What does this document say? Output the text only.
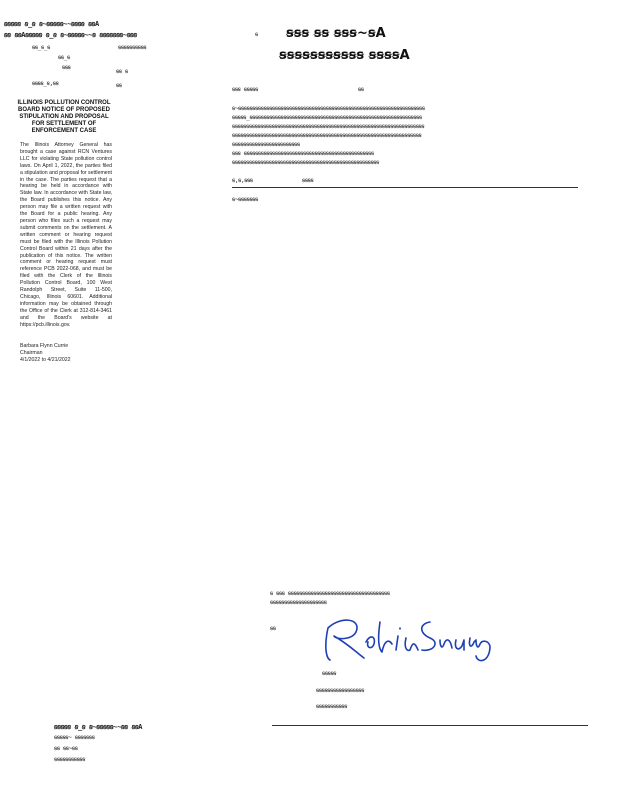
ꞩꞩꞩꞩꞩ ꞩ_ꞩ ꞩ~ꞩꞩꞩꞩꞩ~~ꞩꞩꞩꞩ ꞩꞩA
ꞩꞩ ꞩꞩAꞩꞩꞩꞩꞩ ꞩ_ꞩ ꞩ~ꞩꞩꞩꞩꞩ~~ꞩ ꞩꞩꞩꞩꞩꞩꞩ~ꞩꞩꞩ
ꞩꞩ_ꞩ_ꞩ
ꞩꞩ_ꞩ
ꞩꞩꞩ
ꞩꞩꞩꞩ_ꞩ,ꞩꞩ
ꞩꞩꞩꞩꞩꞩꞩꞩꞩꞩ
ꞩꞩ ꞩ
ꞩꞩ
ILLINOIS POLLUTION CONTROL BOARD NOTICE OF PROPOSED STIPULATION AND PROPOSAL FOR SETTLEMENT OF ENFORCEMENT CASE
The Illinois Attorney General has brought a case against RCN Ventures LLC for violating State pollution control laws. On April 1, 2022, the parties filed a stipulation and proposal for settlement in the case. The parties request that a hearing be held in accordance with State law. In accordance with State law, the Board publishes this notice. Any person may file a written request with the Board for a public hearing. Any person who files such a request may submit comments on the settlement. A written comment or hearing request must be filed with the Illinois Pollution Control Board within 21 days after the publication of this notice. The written comment or hearing request must reference PCB 2022-068, and must be filed with the Clerk of the Illinois Pollution Control Board, 100 West Randolph Street, Suite 11-500, Chicago, Illinois 60601. Additional information may be obtained through the Office of the Clerk at 312-814-3461 and the Board's website at https://pcb.illinois.gov.
Barbara Flynn Currie
Chairman
4/1/2022 to 4/21/2022
ꞩ ꞩꞩꞩ ꞩꞩ ꞩꞩꞩ~ꞩA
ꞩꞩꞩꞩꞩꞩꞩꞩꞩꞩꞩ ꞩꞩꞩꞩA
ꞩꞩꞩ ꞩꞩꞩꞩꞩ	ꞩꞩ
ꞩ~ꞩꞩꞩꞩꞩꞩꞩꞩꞩꞩꞩꞩꞩꞩꞩꞩꞩꞩꞩꞩꞩꞩꞩꞩꞩꞩꞩꞩꞩꞩꞩꞩꞩꞩꞩꞩꞩꞩꞩꞩꞩꞩꞩꞩꞩꞩꞩꞩꞩꞩꞩꞩꞩꞩꞩꞩꞩꞩꞩꞩꞩꞩꞩꞩꞩꞩ
ꞩꞩꞩꞩꞩ_ꞩꞩꞩꞩꞩꞩꞩꞩꞩꞩꞩꞩꞩꞩꞩꞩꞩꞩꞩꞩꞩꞩꞩꞩꞩꞩꞩꞩꞩꞩꞩꞩꞩꞩꞩꞩꞩꞩꞩꞩꞩꞩꞩꞩꞩꞩꞩꞩꞩꞩꞩꞩꞩꞩꞩꞩꞩꞩꞩꞩꞩ
ꞩꞩꞩꞩꞩꞩꞩꞩꞩꞩꞩꞩꞩꞩꞩꞩꞩꞩꞩꞩꞩꞩꞩꞩꞩꞩꞩꞩꞩꞩꞩꞩꞩꞩꞩꞩꞩꞩꞩꞩꞩꞩꞩꞩꞩꞩꞩꞩꞩꞩꞩꞩꞩꞩꞩꞩꞩꞩꞩꞩꞩꞩꞩꞩꞩꞩꞩꞩ
ꞩꞩꞩꞩꞩꞩꞩꞩꞩꞩꞩꞩꞩꞩꞩꞩꞩꞩꞩꞩꞩꞩꞩꞩꞩꞩꞩꞩꞩꞩꞩꞩꞩꞩꞩꞩꞩꞩꞩꞩꞩꞩꞩꞩꞩꞩꞩꞩꞩꞩꞩꞩꞩꞩꞩꞩꞩꞩꞩꞩꞩꞩꞩꞩꞩꞩꞩ
ꞩꞩꞩꞩꞩꞩꞩꞩꞩꞩꞩꞩꞩꞩꞩꞩꞩꞩꞩꞩꞩꞩꞩꞩ
ꞩꞩꞩ ꞩꞩꞩꞩꞩꞩꞩꞩꞩꞩꞩꞩꞩꞩꞩꞩꞩꞩꞩꞩꞩꞩꞩꞩꞩꞩꞩꞩꞩꞩꞩꞩꞩꞩꞩꞩꞩꞩꞩꞩꞩꞩꞩꞩꞩꞩ
ꞩꞩꞩꞩꞩꞩꞩꞩꞩꞩꞩꞩꞩꞩꞩꞩꞩꞩꞩꞩꞩꞩꞩꞩꞩꞩꞩꞩꞩꞩꞩꞩꞩꞩꞩꞩꞩꞩꞩꞩꞩꞩꞩꞩꞩꞩꞩꞩꞩꞩꞩꞩ
ꞩ,ꞩ,ꞩꞩꞩ	ꞩꞩꞩꞩ
ꞩ~ꞩꞩꞩꞩꞩꞩꞩ
ꞩ ꞩꞩꞩ ꞩꞩꞩꞩꞩꞩꞩꞩꞩꞩꞩꞩꞩꞩꞩꞩꞩꞩꞩꞩꞩꞩꞩꞩꞩꞩꞩꞩꞩꞩꞩꞩꞩꞩꞩꞩ
ꞩꞩꞩꞩꞩꞩꞩꞩꞩꞩꞩꞩꞩꞩꞩꞩꞩꞩꞩꞩ
ꞩꞩ
ꞩꞩꞩꞩꞩ
ꞩꞩꞩꞩꞩꞩꞩꞩꞩꞩꞩꞩꞩꞩꞩꞩꞩ
ꞩꞩꞩꞩꞩꞩꞩꞩꞩꞩꞩ
ꞩꞩꞩꞩꞩ ꞩ_ꞩ ꞩ~ꞩꞩꞩꞩꞩ~~ꞩꞩ ꞩꞩA
ꞩꞩꞩꞩꞩ~ ꞩꞩꞩꞩꞩꞩꞩ
ꞩꞩ ꞩꞩ~ꞩꞩ
ꞩꞩꞩꞩꞩꞩꞩꞩꞩꞩꞩ
